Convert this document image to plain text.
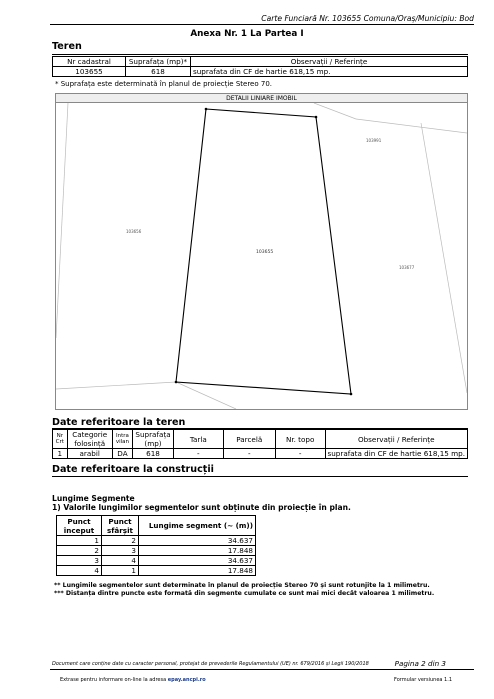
Carte Funciară Nr. 103655 Comuna/Oraș/Municipiu: Bod
Anexa Nr. 1 La Partea I
Teren
Nr cadastral	Suprafața (mp)*	Observații / Referințe
103655	618	suprafata din CF de hartie 618,15 mp.
* Suprafața este determinată în planul de proiecție Stereo 70.
DETALII LINIARE IMOBIL
103655
103656
103677
103991
Date referitoare la teren
Nr Crt	Categorie folosință	Intra vilan	Suprafața (mp)	Tarla	Parcelă	Nr. topo	Observații / Referințe
1	arabil	DA	618	-	-	-	suprafata din CF de hartie 618,15 mp.
Date referitoare la construcții
Lungime Segmente
1) Valorile lungimilor segmentelor sunt obținute din proiecție în plan.
Punct început	Punct sfârșit	Lungime segment (~ (m))
1	2	34.637
2	3	17.848
3	4	34.637
4	1	17.848
** Lungimile segmentelor sunt determinate în planul de proiecție Stereo 70 și sunt rotunjite la 1 milimetru.
*** Distanța dintre puncte este formată din segmente cumulate ce sunt mai mici decât valoarea 1 milimetru.
Document care conține date cu caracter personal, protejat de prevederile Regulamentului (UE) nr. 679/2016 și Legii 190/2018	Pagina 2 din 3
Extrase pentru informare on-line la adresa epay.ancpi.ro	Formular versiunea 1.1
